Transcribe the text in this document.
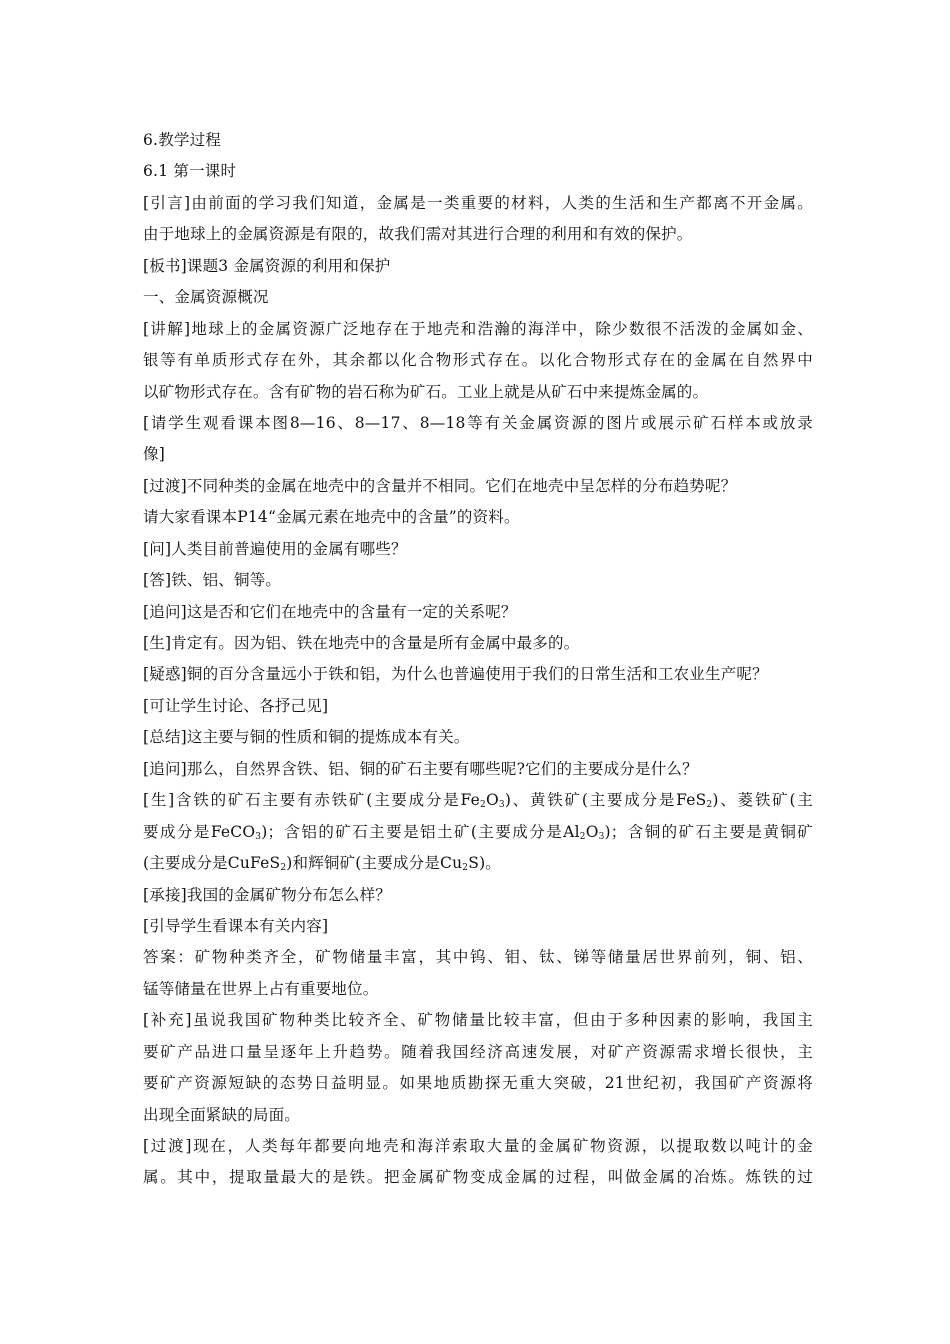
6.教学过程
6.1 第一课时
[引言]由前面的学习我们知道，金属是一类重要的材料，人类的生活和生产都离不开金属。
由于地球上的金属资源是有限的，故我们需对其进行合理的利用和有效的保护。
[板书]课题3 金属资源的利用和保护
一、金属资源概况
[讲解]地球上的金属资源广泛地存在于地壳和浩瀚的海洋中，除少数很不活泼的金属如金、
银等有单质形式存在外，其余都以化合物形式存在。以化合物形式存在的金属在自然界中
以矿物形式存在。含有矿物的岩石称为矿石。工业上就是从矿石中来提炼金属的。
[请学生观看课本图8—16、8—17、8—18等有关金属资源的图片或展示矿石样本或放录
像]
[过渡]不同种类的金属在地壳中的含量并不相同。它们在地壳中呈怎样的分布趋势呢？
请大家看课本P14“金属元素在地壳中的含量”的资料。
[问]人类目前普遍使用的金属有哪些？
[答]铁、铝、铜等。
[追问]这是否和它们在地壳中的含量有一定的关系呢？
[生]肯定有。因为铝、铁在地壳中的含量是所有金属中最多的。
[疑惑]铜的百分含量远小于铁和铝，为什么也普遍使用于我们的日常生活和工农业生产呢？
[可让学生讨论、各抒己见]
[总结]这主要与铜的性质和铜的提炼成本有关。
[追问]那么，自然界含铁、铝、铜的矿石主要有哪些呢?它们的主要成分是什么？
[生]含铁的矿石主要有赤铁矿(主要成分是$Fe_2O_3$)、黄铁矿(主要成分是FeS$_2$)、菱铁矿(主
要成分是FeCO$_3$)；含铝的矿石主要是铝土矿(主要成分是$Al_2O_3$)；含铜的矿石主要是黄铜矿
(主要成分是CuFeS$_2$)和辉铜矿(主要成分是$Cu_2S$)。
[承接]我国的金属矿物分布怎么样？
[引导学生看课本有关内容]
答案：矿物种类齐全，矿物储量丰富，其中钨、钼、钛、锑等储量居世界前列，铜、铝、
锰等储量在世界上占有重要地位。
[补充]虽说我国矿物种类比较齐全、矿物储量比较丰富，但由于多种因素的影响，我国主
要矿产品进口量呈逐年上升趋势。随着我国经济高速发展，对矿产资源需求增长很快，主
要矿产资源短缺的态势日益明显。如果地质勘探无重大突破，21世纪初，我国矿产资源将
出现全面紧缺的局面。
[过渡]现在，人类每年都要向地壳和海洋索取大量的金属矿物资源，以提取数以吨计的金
属。其中，提取量最大的是铁。把金属矿物变成金属的过程，叫做金属的冶炼。炼铁的过
